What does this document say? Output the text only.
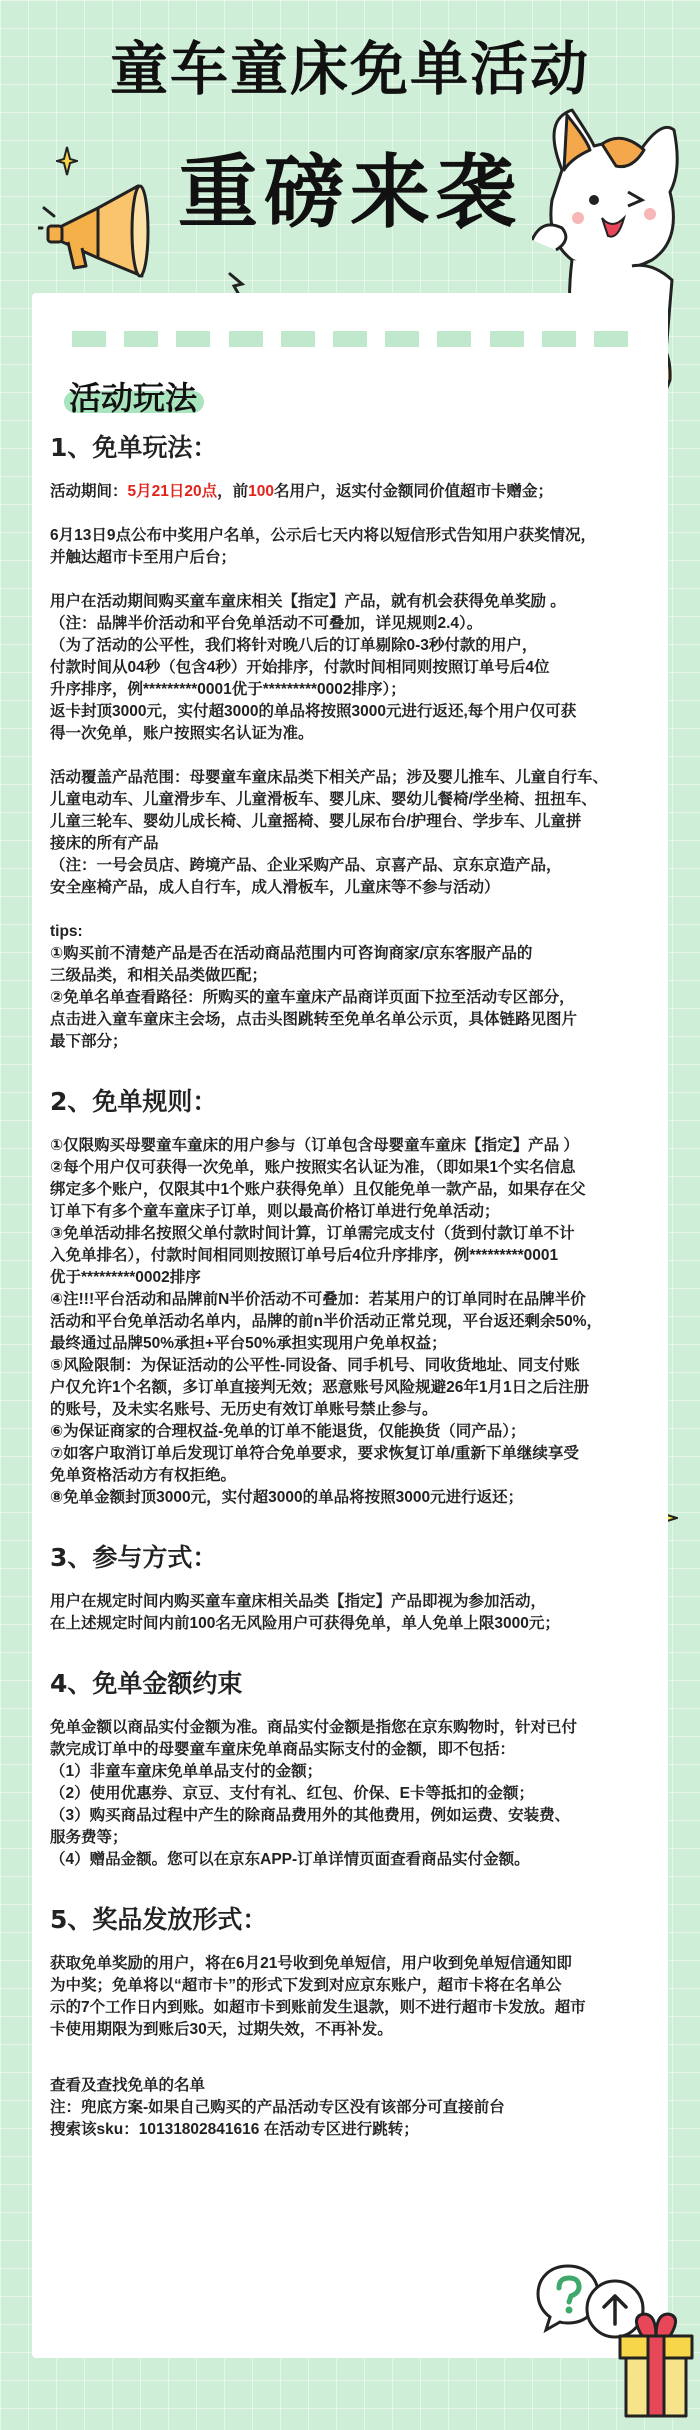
童车童床免单活动
重磅来袭
活动玩法
1、免单玩法：

活动期间：5月21日20点，前100名用户，返实付金额同价值超市卡赠金；

6月13日9点公布中奖用户名单，公示后七天内将以短信形式告知用户获奖情况，

并触达超市卡至用户后台；

用户在活动期间购买童车童床相关【指定】产品，就有机会获得免单奖励 。

（注：品牌半价活动和平台免单活动不可叠加，详见规则2.4）。

（为了活动的公平性，我们将针对晚八后的订单剔除0-3秒付款的用户，

付款时间从04秒（包含4秒）开始排序，付款时间相同则按照订单号后4位

升序排序，例*********0001优于*********0002排序）；

返卡封顶3000元，实付超3000的单品将按照3000元进行返还,每个用户仅可获

得一次免单，账户按照实名认证为准。

活动覆盖产品范围：母婴童车童床品类下相关产品；涉及婴儿推车、儿童自行车、

儿童电动车、儿童滑步车、儿童滑板车、婴儿床、婴幼儿餐椅/学坐椅、扭扭车、

儿童三轮车、婴幼儿成长椅、儿童摇椅、婴儿尿布台/护理台、学步车、儿童拼

接床的所有产品

（注：一号会员店、跨境产品、企业采购产品、京喜产品、京东京造产品，

安全座椅产品，成人自行车，成人滑板车，儿童床等不参与活动）

tips:

①购买前不清楚产品是否在活动商品范围内可咨询商家/京东客服产品的

三级品类，和相关品类做匹配；

②免单名单查看路径：所购买的童车童床产品商详页面下拉至活动专区部分，

点击进入童车童床主会场，点击头图跳转至免单名单公示页，具体链路见图片

最下部分；

2、免单规则：

①仅限购买母婴童车童床的用户参与（订单包含母婴童车童床【指定】产品 ）

②每个用户仅可获得一次免单，账户按照实名认证为准，（即如果1个实名信息

绑定多个账户，仅限其中1个账户获得免单）且仅能免单一款产品，如果存在父

订单下有多个童车童床子订单，则以最高价格订单进行免单活动；

③免单活动排名按照父单付款时间计算，订单需完成支付（货到付款订单不计

入免单排名），付款时间相同则按照订单号后4位升序排序，例*********0001

优于*********0002排序

④注!!!平台活动和品牌前N半价活动不可叠加：若某用户的订单同时在品牌半价

活动和平台免单活动名单内，品牌的前n半价活动正常兑现，平台返还剩余50%，

最终通过品牌50%承担+平台50%承担实现用户免单权益；

⑤风险限制：为保证活动的公平性-同设备、同手机号、同收货地址、同支付账

户仅允许1个名额，多订单直接判无效；恶意账号风险规避26年1月1日之后注册

的账号，及未实名账号、无历史有效订单账号禁止参与。

⑥为保证商家的合理权益-免单的订单不能退货，仅能换货（同产品）；

⑦如客户取消订单后发现订单符合免单要求，要求恢复订单/重新下单继续享受

免单资格活动方有权拒绝。

⑧免单金额封顶3000元，实付超3000的单品将按照3000元进行返还；

3、参与方式：

用户在规定时间内购买童车童床相关品类【指定】产品即视为参加活动，

在上述规定时间内前100名无风险用户可获得免单，单人免单上限3000元；

4、免单金额约束

免单金额以商品实付金额为准。商品实付金额是指您在京东购物时，针对已付

款完成订单中的母婴童车童床免单商品实际支付的金额，即不包括：

（1）非童车童床免单单品支付的金额；

（2）使用优惠券、京豆、支付有礼、红包、价保、E卡等抵扣的金额；

（3）购买商品过程中产生的除商品费用外的其他费用，例如运费、安装费、

服务费等；

（4）赠品金额。您可以在京东APP-订单详情页面查看商品实付金额。

5、奖品发放形式：

获取免单奖励的用户，将在6月21号收到免单短信，用户收到免单短信通知即

为中奖；免单将以“超市卡”的形式下发到对应京东账户，超市卡将在名单公

示的7个工作日内到账。如超市卡到账前发生退款，则不进行超市卡发放。超市

卡使用期限为到账后30天，过期失效，不再补发。

查看及查找免单的名单

注：兜底方案-如果自己购买的产品活动专区没有该部分可直接前台

搜索该sku：10131802841616 在活动专区进行跳转；
